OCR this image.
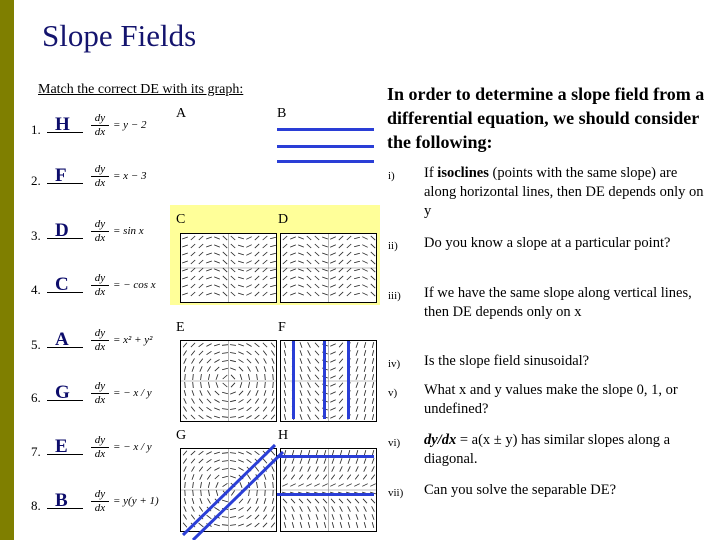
Slope Fields
Match the correct DE with its graph:
1. H $\frac{dy}{dx} = y - 2$
2. F $\frac{dy}{dx} = x - 3$
3. D $\frac{dy}{dx} = \sin x$
4. C $\frac{dy}{dx}$ = − cos x
5. A $\frac{dy}{dx} = x^2 + y^2$
6. G $\frac{dy}{dx}$ = − x / y
7. E $\frac{dy}{dx}$ = − x / y
8. B $\frac{dy}{dx} = y(y + 1)$
A	B
C	D
E	F
G	H
In order to determine a slope field from a differential equation, we should consider the following:
i) If isoclines (points with the same slope) are along horizontal lines, then DE depends only on y
ii) Do you know a slope at a particular point?
iii) If we have the same slope along vertical lines, then DE depends only on x
iv) Is the slope field sinusoidal?
v) What x and y values make the slope 0, 1, or undefined?
vi) dy/dx = a(x ± y) has similar slopes along a diagonal.
vii) Can you solve the separable DE?
